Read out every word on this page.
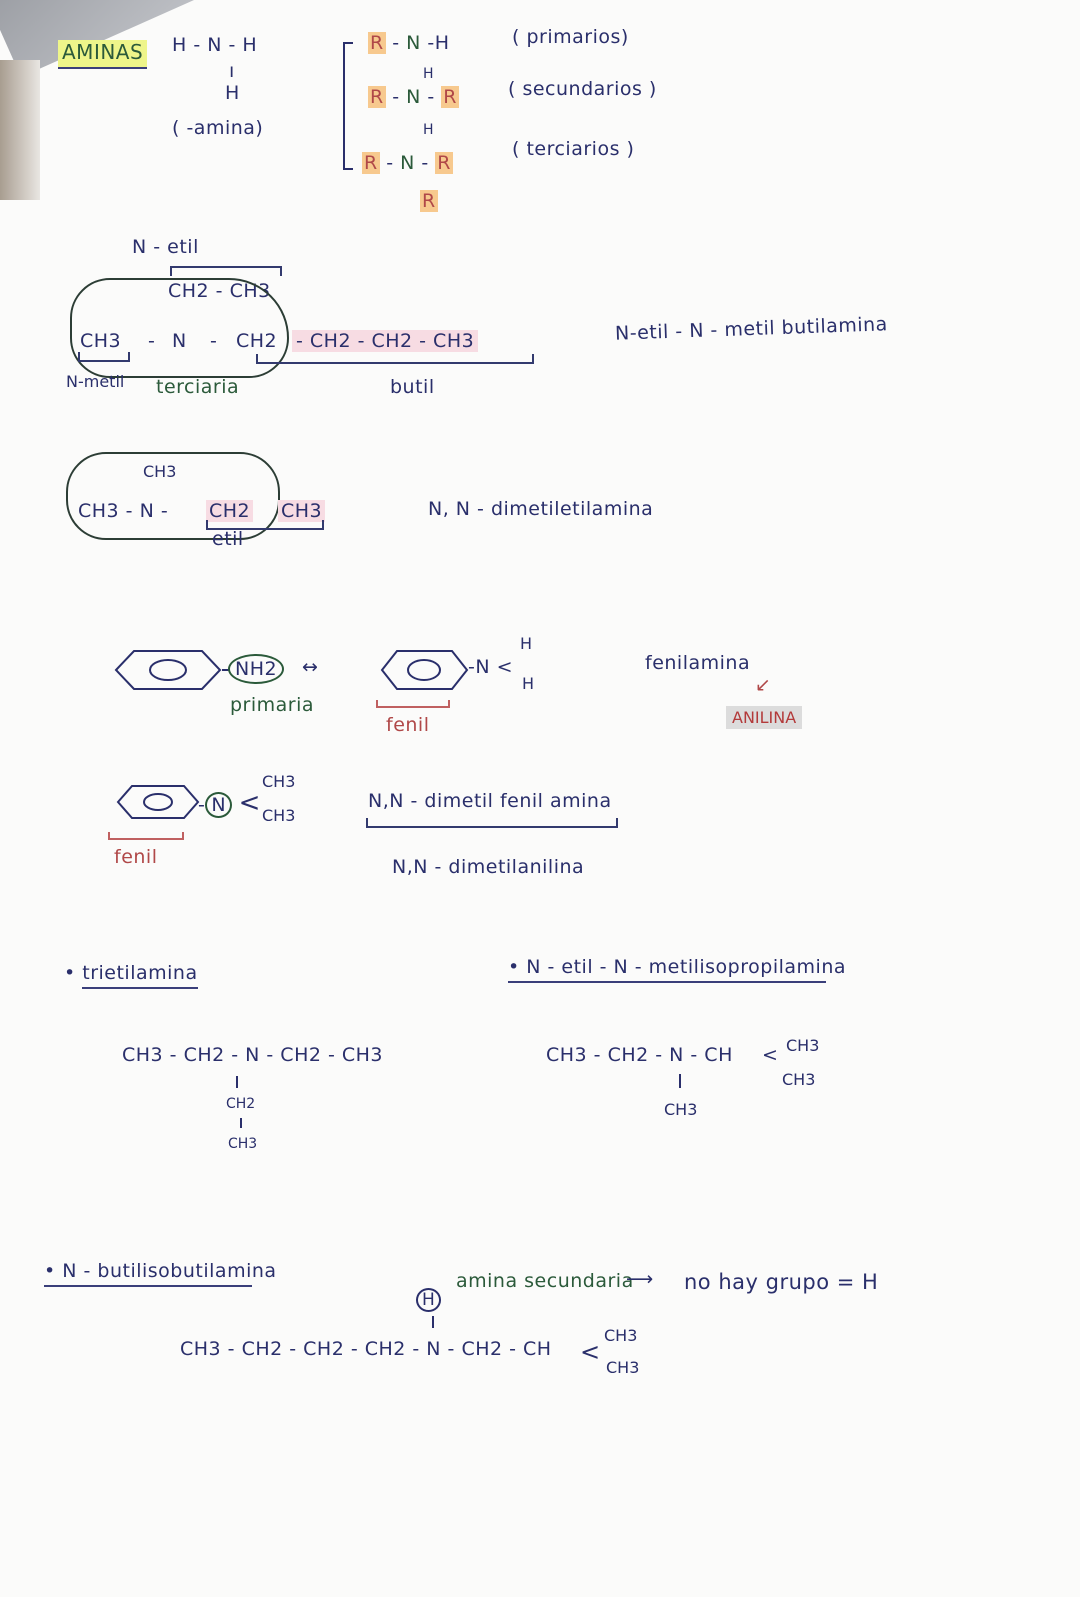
AMINAS H - N - H
ı
H
( -amina)
R - N -H	( primarios)
H
R - N - R	( secundarios )
H
R - N - R
( terciarios )
R
N - etil
CH2 - CH3
CH3 - N - CH2 - CH2 - CH2 - CH3
N-metil terciaria	butil
N-etil - N - metil butilamina
CH3
CH3 - N - CH2 CH3
etil
N, N - dimetiletilamina
NH2
primaria
↔	-N <
H
H
fenil
fenilamina
↙
ANILINA
- N <
CH3
CH3
fenil
N,N - dimetil fenil amina
N,N - dimetilanilina
• trietilamina
CH3 - CH2 - N - CH2 - CH3
CH2
CH3
• N - etil - N - metilisopropilamina
CH3 - CH2 - N - CH < CH3
CH3
CH3
• N - butilisobutilamina
H
CH3 - CH2 - CH2 - CH2 - N - CH2 - CH <
CH3
CH3
amina secundaria
⟶ no hay grupo = H
